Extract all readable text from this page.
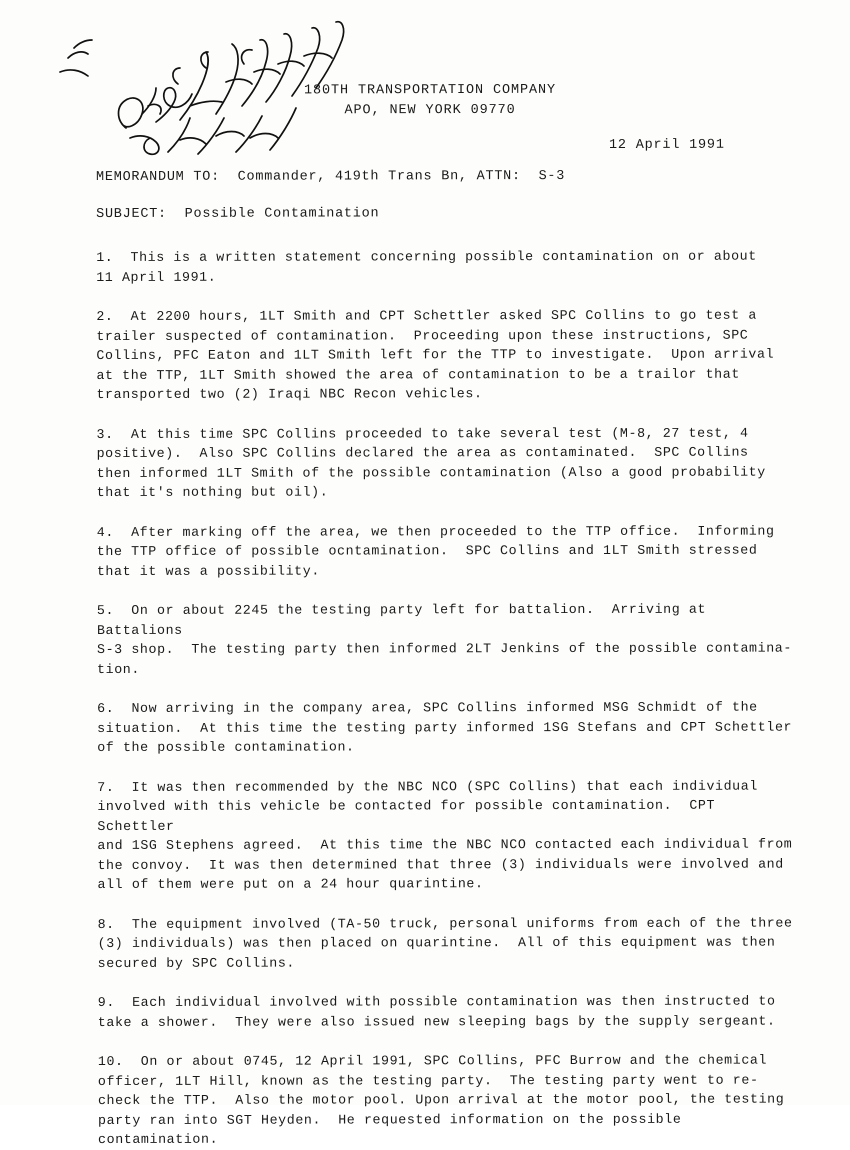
180TH TRANSPORTATION COMPANY
APO, NEW YORK 09770
12 April 1991
MEMORANDUM TO:  Commander, 419th Trans Bn, ATTN:  S-3
SUBJECT:  Possible Contamination
1.  This is a written statement concerning possible contamination on or about
11 April 1991.
2.  At 2200 hours, 1LT Smith and CPT Schettler asked SPC Collins to go test a
trailer suspected of contamination.  Proceeding upon these instructions, SPC
Collins, PFC Eaton and 1LT Smith left for the TTP to investigate.  Upon arrival
at the TTP, 1LT Smith showed the area of contamination to be a trailor that
transported two (2) Iraqi NBC Recon vehicles.
3.  At this time SPC Collins proceeded to take several test (M-8, 27 test, 4
positive).  Also SPC Collins declared the area as contaminated.  SPC Collins
then informed 1LT Smith of the possible contamination (Also a good probability
that it's nothing but oil).
4.  After marking off the area, we then proceeded to the TTP office.  Informing
the TTP office of possible ocntamination.  SPC Collins and 1LT Smith stressed
that it was a possibility.
5.  On or about 2245 the testing party left for battalion.  Arriving at Battalions
S-3 shop.  The testing party then informed 2LT Jenkins of the possible contamina-
tion.
6.  Now arriving in the company area, SPC Collins informed MSG Schmidt of the
situation.  At this time the testing party informed 1SG Stefans and CPT Schettler
of the possible contamination.
7.  It was then recommended by the NBC NCO (SPC Collins) that each individual
involved with this vehicle be contacted for possible contamination.  CPT Schettler
and 1SG Stephens agreed.  At this time the NBC NCO contacted each individual from
the convoy.  It was then determined that three (3) individuals were involved and
all of them were put on a 24 hour quarintine.
8.  The equipment involved (TA-50 truck, personal uniforms from each of the three
(3) individuals) was then placed on quarintine.  All of this equipment was then
secured by SPC Collins.
9.  Each individual involved with possible contamination was then instructed to
take a shower.  They were also issued new sleeping bags by the supply sergeant.
10.  On or about 0745, 12 April 1991, SPC Collins, PFC Burrow and the chemical
officer, 1LT Hill, known as the testing party.  The testing party went to re-
check the TTP.  Also the motor pool. Upon arrival at the motor pool, the testing
party ran into SGT Heyden.  He requested information on the possible contamination.
